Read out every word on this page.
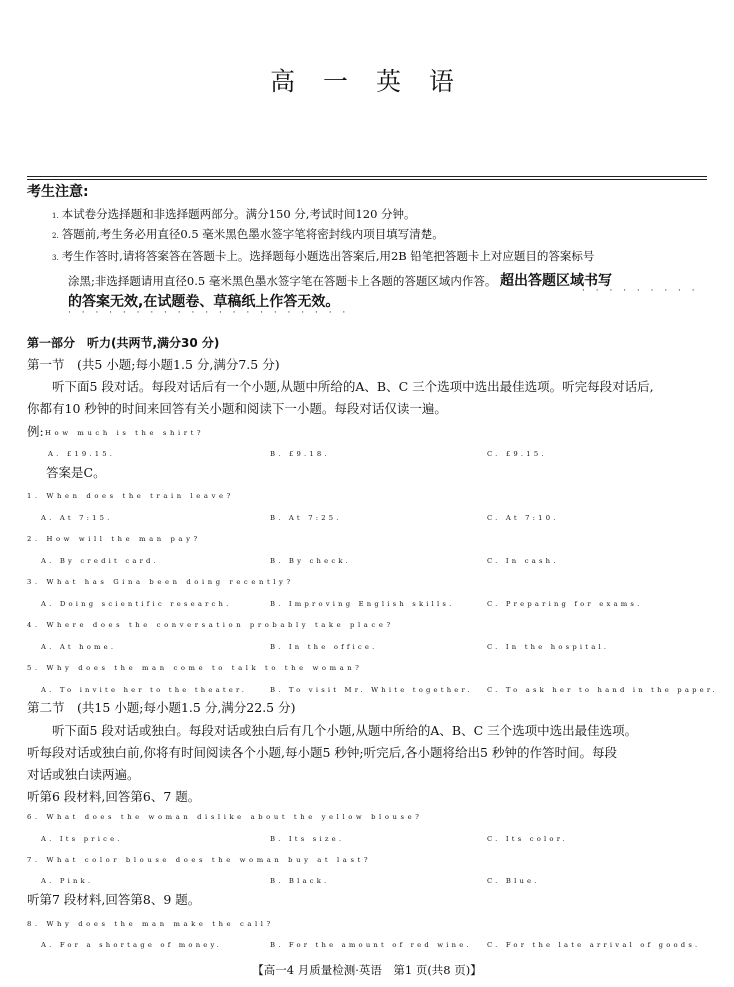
高 一 英 语
考生注意:
1. 本试卷分选择题和非选择题两部分。满分150 分,考试时间120 分钟。
2. 答题前,考生务必用直径0.5 毫米黑色墨水签字笔将密封线内项目填写清楚。
3. 考生作答时,请将答案答在答题卡上。选择题每小题选出答案后,用2B 铅笔把答题卡上对应题目的答案标号
涂黑;非选择题请用直径0.5 毫米黑色墨水签字笔在答题卡上各题的答题区域内作答。 超出答题区域书写
· · · · · · · · ·
的答案无效,在试题卷、草稿纸上作答无效。
· · · · · · · · · · · · · · · · · · · · ·
第一部分　听力(共两节,满分30 分)
第一节　(共5 小题;每小题1.5 分,满分7.5 分)
听下面5 段对话。每段对话后有一个小题,从题中所给的A、B、C 三个选项中选出最佳选项。听完每段对话后,
你都有10 秒钟的时间来回答有关小题和阅读下一小题。每段对话仅读一遍。
例: How much is the shirt?
A. £19.15.	B. £9.18.	C. £9.15.
答案是C。
1. When does the train leave?
A. At 7:15.	B. At 7:25.	C. At 7:10.
2. How will the man pay?
A. By credit card.	B. By check.	C. In cash.
3. What has Gina been doing recently?
A. Doing scientific research.	B. Improving English skills.	C. Preparing for exams.
4. Where does the conversation probably take place?
A. At home.	B. In the office.	C. In the hospital.
5. Why does the man come to talk to the woman?
A. To invite her to the theater.	B. To visit Mr. White together. C. To ask her to hand in the paper.
第二节　(共15 小题;每小题1.5 分,满分22.5 分)
听下面5 段对话或独白。每段对话或独白后有几个小题,从题中所给的A、B、C 三个选项中选出最佳选项。
听每段对话或独白前,你将有时间阅读各个小题,每小题5 秒钟;听完后,各小题将给出5 秒钟的作答时间。每段
对话或独白读两遍。
听第6 段材料,回答第6、7 题。
6. What does the woman dislike about the yellow blouse?
A. Its price.	B. Its size.	C. Its color.
7. What color blouse does the woman buy at last?
A. Pink.	B. Black.	C. Blue.
听第7 段材料,回答第8、9 题。
8. Why does the man make the call?
A. For a shortage of money.	B. For the amount of red wine. C. For the late arrival of goods.
【高一4 月质量检测·英语　第1 页(共8 页)】
